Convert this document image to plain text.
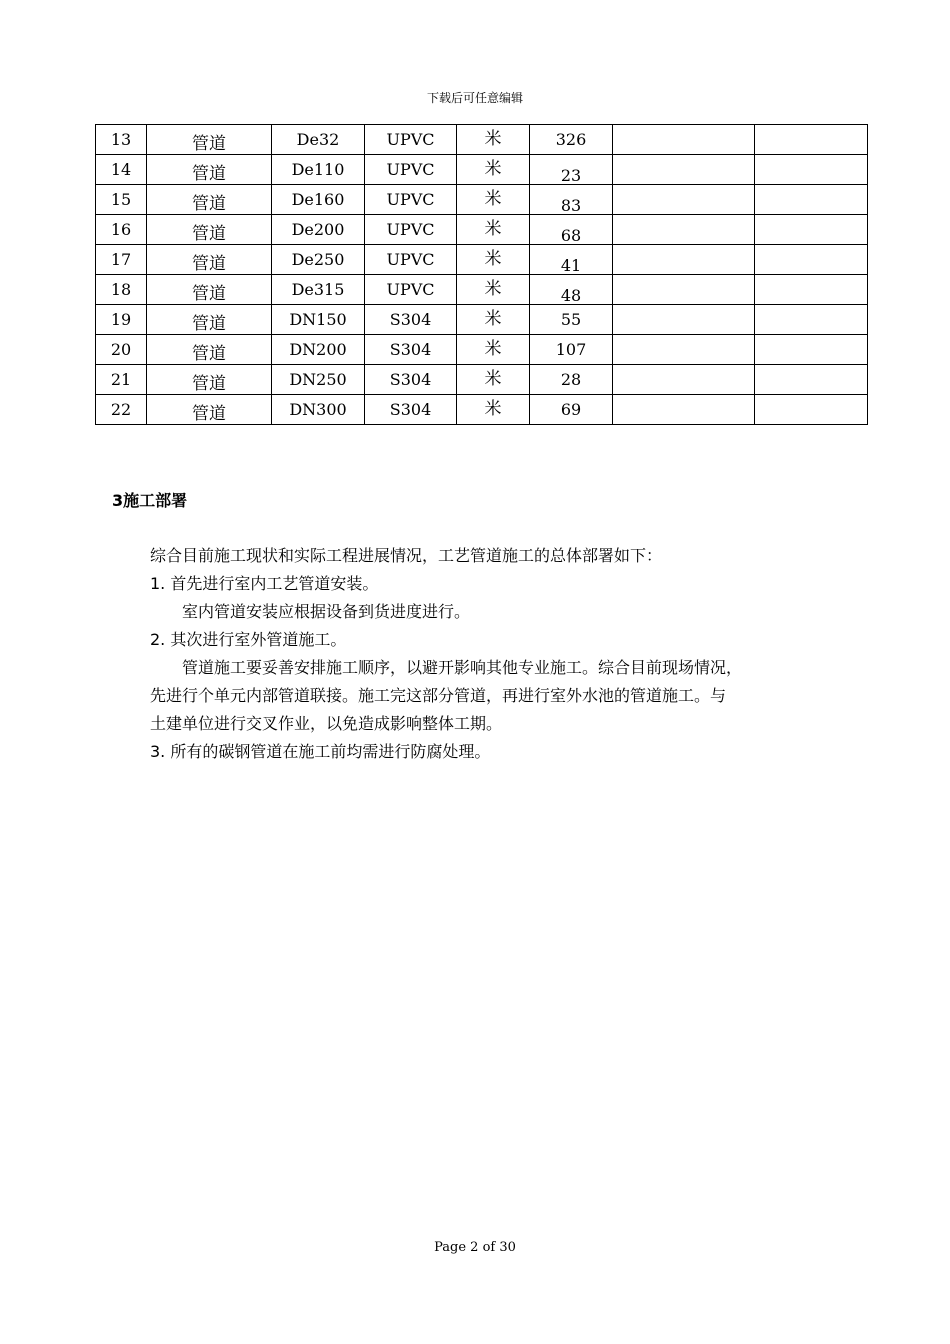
下载后可任意编辑
13	管道	De32	UPVC	米	326		
14	管道	De110	UPVC	米	23		
15	管道	De160	UPVC	米	83		
16	管道	De200	UPVC	米	68		
17	管道	De250	UPVC	米	41		
18	管道	De315	UPVC	米	48		
19	管道	DN150	S304	米	55		
20	管道	DN200	S304	米	107		
21	管道	DN250	S304	米	28		
22	管道	DN300	S304	米	69		
3施工部署

综合目前施工现状和实际工程进展情况，工艺管道施工的总体部署如下：

1. 首先进行室内工艺管道安装。

室内管道安装应根据设备到货进度进行。

2. 其次进行室外管道施工。

管道施工要妥善安排施工顺序，以避开影响其他专业施工。综合目前现场情况，

先进行个单元内部管道联接。施工完这部分管道，再进行室外水池的管道施工。与

土建单位进行交叉作业，以免造成影响整体工期。

3. 所有的碳钢管道在施工前均需进行防腐处理。

Page 2 of 30
